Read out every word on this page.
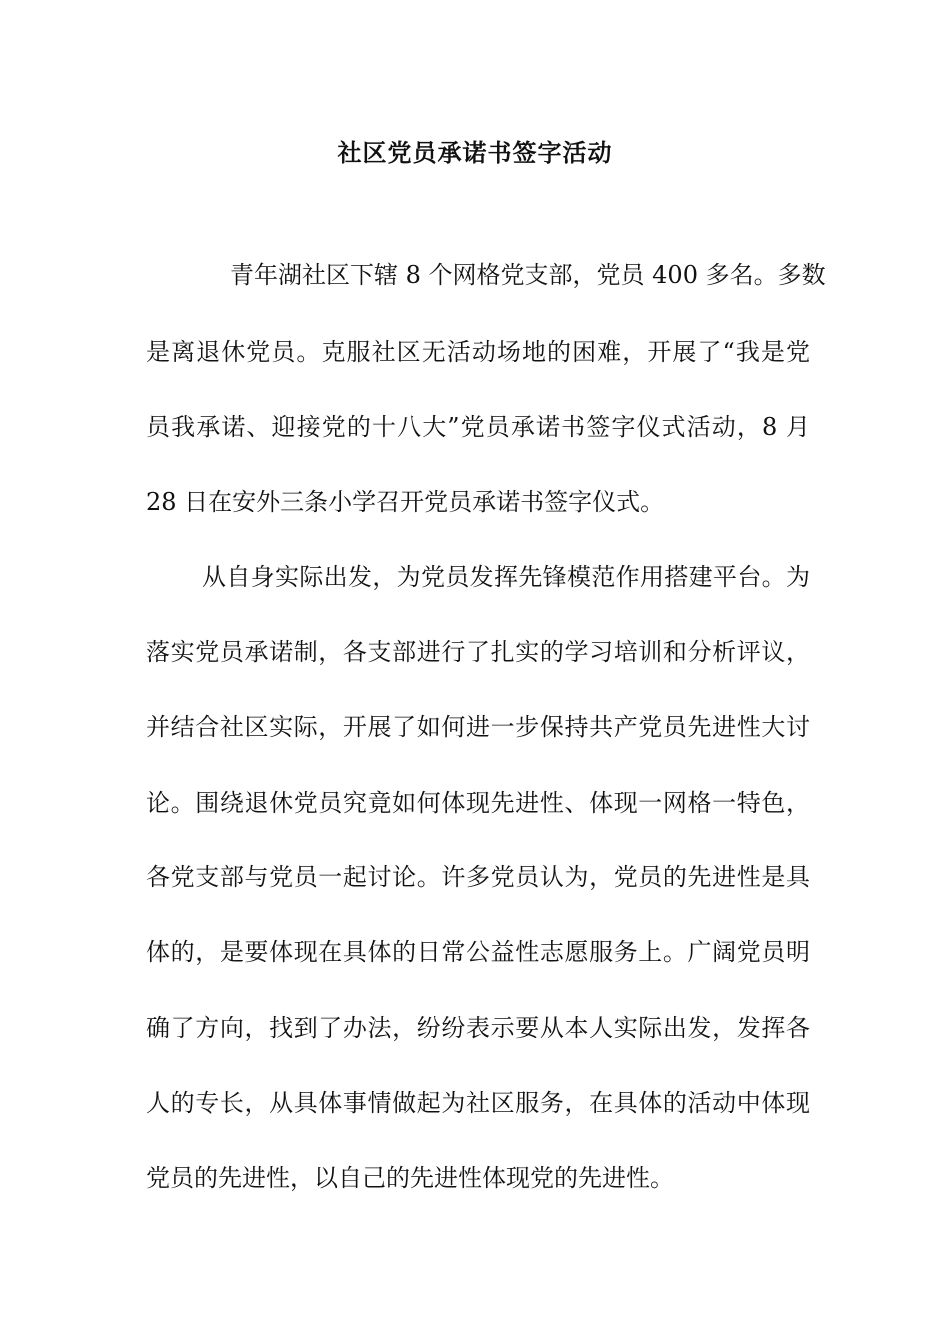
社区党员承诺书签字活动
青年湖社区下辖 8 个网格党支部，党员 400 多名。多数
是离退休党员。克服社区无活动场地的困难，开展了“我是党
员我承诺、迎接党的十八大”党员承诺书签字仪式活动，8 月
28 日在安外三条小学召开党员承诺书签字仪式。
从自身实际出发，为党员发挥先锋模范作用搭建平台。为
落实党员承诺制，各支部进行了扎实的学习培训和分析评议，
并结合社区实际，开展了如何进一步保持共产党员先进性大讨
论。围绕退休党员究竟如何体现先进性、体现一网格一特色，
各党支部与党员一起讨论。许多党员认为，党员的先进性是具
体的，是要体现在具体的日常公益性志愿服务上。广阔党员明
确了方向，找到了办法，纷纷表示要从本人实际出发，发挥各
人的专长，从具体事情做起为社区服务，在具体的活动中体现
党员的先进性，以自己的先进性体现党的先进性。
